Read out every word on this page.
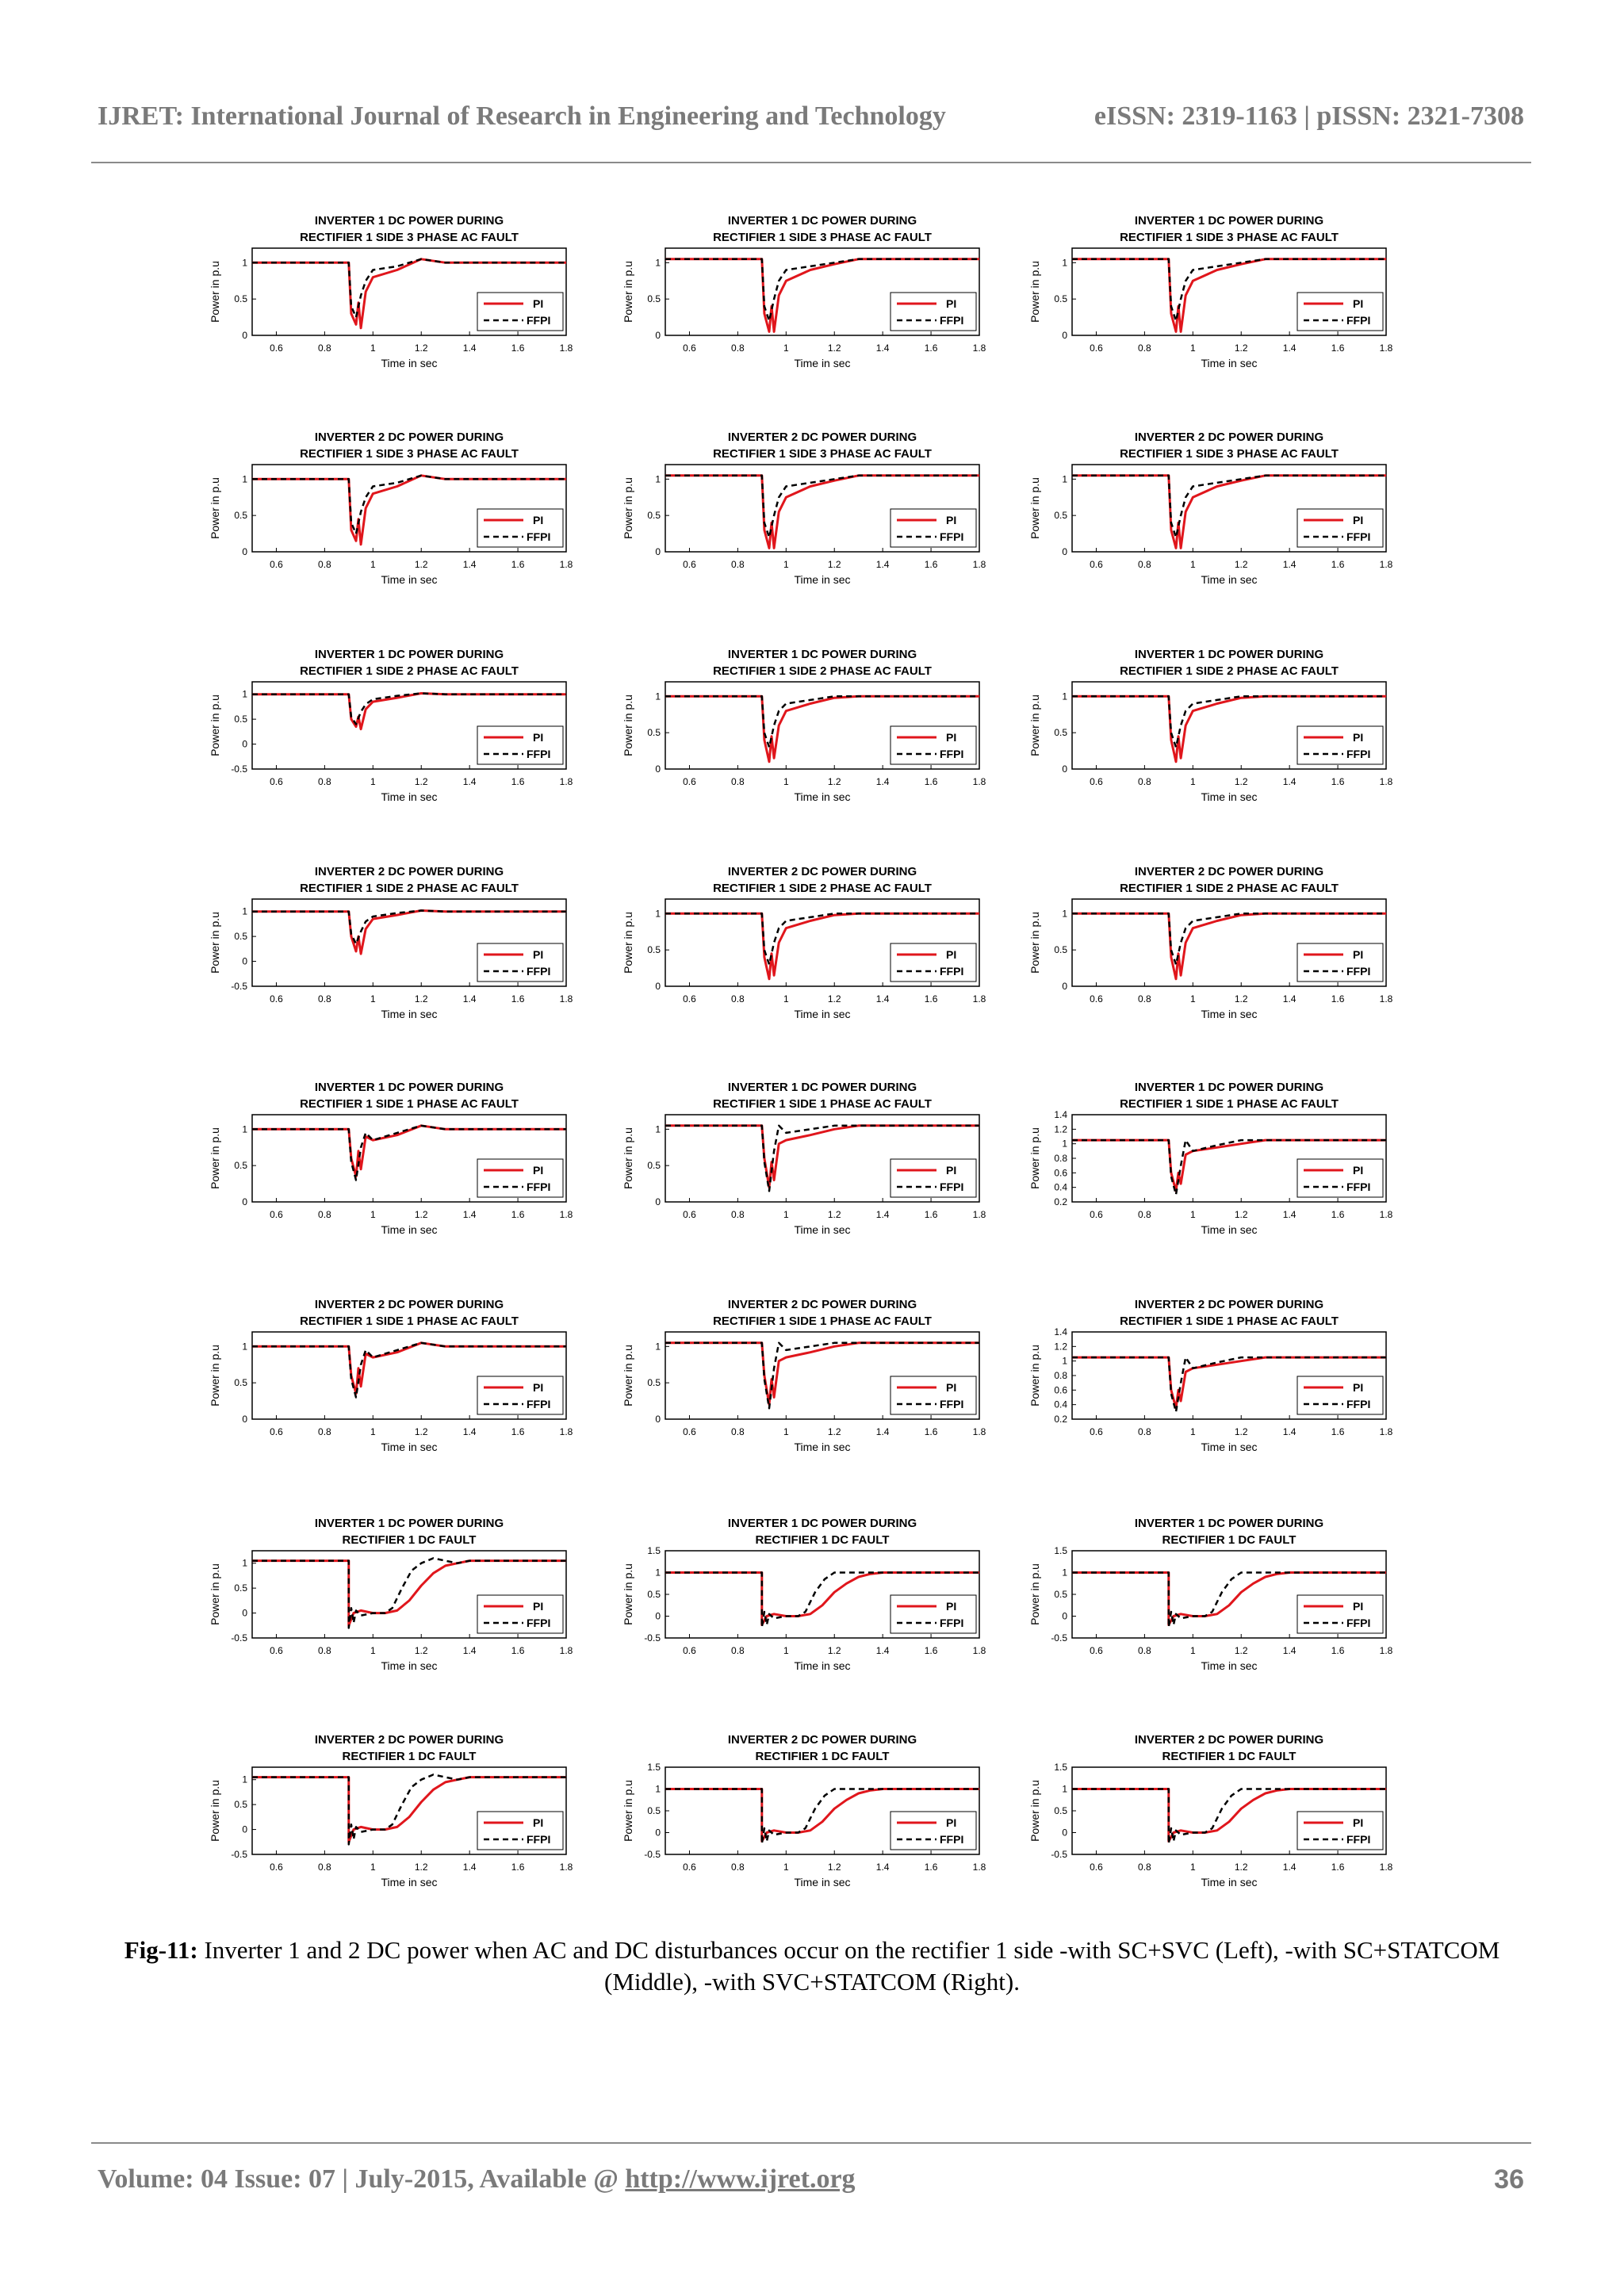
IJRET: International Journal of Research in Engineering and Technology	eISSN: 2319-1163 | pISSN: 2321-7308
INVERTER 1 DC POWER DURING
RECTIFIER 1 SIDE 3 PHASE AC FAULT
0.6	0.8	1	1.2	1.4	1.6	1.8
0
0.5
1
Time in sec
Power in p.u	PI
FFPI
INVERTER 1 DC POWER DURING
RECTIFIER 1 SIDE 3 PHASE AC FAULT
0.6	0.8	1	1.2	1.4	1.6	1.8
0
0.5
1
Time in sec
Power in p.u	PI
FFPI
INVERTER 1 DC POWER DURING
RECTIFIER 1 SIDE 3 PHASE AC FAULT
0.6	0.8	1	1.2	1.4	1.6	1.8
0
0.5
1
Time in sec
Power in p.u	PI
FFPI
INVERTER 2 DC POWER DURING
RECTIFIER 1 SIDE 3 PHASE AC FAULT
0.6	0.8	1	1.2	1.4	1.6	1.8
0
0.5
1
Time in sec
Power in p.u	PI
FFPI
INVERTER 2 DC POWER DURING
RECTIFIER 1 SIDE 3 PHASE AC FAULT
0.6	0.8	1	1.2	1.4	1.6	1.8
0
0.5
1
Time in sec
Power in p.u	PI
FFPI
INVERTER 2 DC POWER DURING
RECTIFIER 1 SIDE 3 PHASE AC FAULT
0.6	0.8	1	1.2	1.4	1.6	1.8
0
0.5
1
Time in sec
Power in p.u	PI
FFPI
INVERTER 1 DC POWER DURING
RECTIFIER 1 SIDE 2 PHASE AC FAULT
0.6	0.8	1	1.2	1.4	1.6	1.8
-0.5
0
0.5
1
Time in sec
Power in p.u	PI
FFPI
INVERTER 1 DC POWER DURING
RECTIFIER 1 SIDE 2 PHASE AC FAULT
0.6	0.8	1	1.2	1.4	1.6	1.8
0
0.5
1
Time in sec
Power in p.u	PI
FFPI
INVERTER 1 DC POWER DURING
RECTIFIER 1 SIDE 2 PHASE AC FAULT
0.6	0.8	1	1.2	1.4	1.6	1.8
0
0.5
1
Time in sec
Power in p.u	PI
FFPI
INVERTER 2 DC POWER DURING
RECTIFIER 1 SIDE 2 PHASE AC FAULT
0.6	0.8	1	1.2	1.4	1.6	1.8
-0.5
0
0.5
1
Time in sec
Power in p.u	PI
FFPI
INVERTER 2 DC POWER DURING
RECTIFIER 1 SIDE 2 PHASE AC FAULT
0.6	0.8	1	1.2	1.4	1.6	1.8
0
0.5
1
Time in sec
Power in p.u	PI
FFPI
INVERTER 2 DC POWER DURING
RECTIFIER 1 SIDE 2 PHASE AC FAULT
0.6	0.8	1	1.2	1.4	1.6	1.8
0
0.5
1
Time in sec
Power in p.u	PI
FFPI
INVERTER 1 DC POWER DURING
RECTIFIER 1 SIDE 1 PHASE AC FAULT
0.6	0.8	1	1.2	1.4	1.6	1.8
0
0.5
1
Time in sec
Power in p.u	PI
FFPI
INVERTER 1 DC POWER DURING
RECTIFIER 1 SIDE 1 PHASE AC FAULT
0.6	0.8	1	1.2	1.4	1.6	1.8
0
0.5
1
Time in sec
Power in p.u	PI
FFPI
INVERTER 1 DC POWER DURING
RECTIFIER 1 SIDE 1 PHASE AC FAULT
0.6	0.8	1	1.2	1.4	1.6	1.8
0.2
0.4
0.6
0.8
1
1.2
1.4
Time in sec
Power in p.u	PI
FFPI
INVERTER 2 DC POWER DURING
RECTIFIER 1 SIDE 1 PHASE AC FAULT
0.6	0.8	1	1.2	1.4	1.6	1.8
0
0.5
1
Time in sec
Power in p.u	PI
FFPI
INVERTER 2 DC POWER DURING
RECTIFIER 1 SIDE 1 PHASE AC FAULT
0.6	0.8	1	1.2	1.4	1.6	1.8
0
0.5
1
Time in sec
Power in p.u	PI
FFPI
INVERTER 2 DC POWER DURING
RECTIFIER 1 SIDE 1 PHASE AC FAULT
0.6	0.8	1	1.2	1.4	1.6	1.8
0.2
0.4
0.6
0.8
1
1.2
1.4
Time in sec
Power in p.u	PI
FFPI
INVERTER 1 DC POWER DURING
RECTIFIER 1 DC FAULT
0.6	0.8	1	1.2	1.4	1.6	1.8
-0.5
0
0.5
1
Time in sec
Power in p.u	PI
FFPI
INVERTER 1 DC POWER DURING
RECTIFIER 1 DC FAULT
0.6	0.8	1	1.2	1.4	1.6	1.8
-0.5
0
0.5
1
1.5
Time in sec
Power in p.u	PI
FFPI
INVERTER 1 DC POWER DURING
RECTIFIER 1 DC FAULT
0.6	0.8	1	1.2	1.4	1.6	1.8
-0.5
0
0.5
1
1.5
Time in sec
Power in p.u	PI
FFPI
INVERTER 2 DC POWER DURING
RECTIFIER 1 DC FAULT
0.6	0.8	1	1.2	1.4	1.6	1.8
-0.5
0
0.5
1
Time in sec
Power in p.u	PI
FFPI
INVERTER 2 DC POWER DURING
RECTIFIER 1 DC FAULT
0.6	0.8	1	1.2	1.4	1.6	1.8
-0.5
0
0.5
1
1.5
Time in sec
Power in p.u	PI
FFPI
INVERTER 2 DC POWER DURING
RECTIFIER 1 DC FAULT
0.6	0.8	1	1.2	1.4	1.6	1.8
-0.5
0
0.5
1
1.5
Time in sec
Power in p.u	PI
FFPI
Fig-11: Inverter 1 and 2 DC power when AC and DC disturbances occur on the rectifier 1 side -with SC+SVC (Left), -with SC+STATCOM (Middle), -with SVC+STATCOM (Right).
Volume: 04 Issue: 07 | July-2015, Available @ http://www.ijret.org	36
